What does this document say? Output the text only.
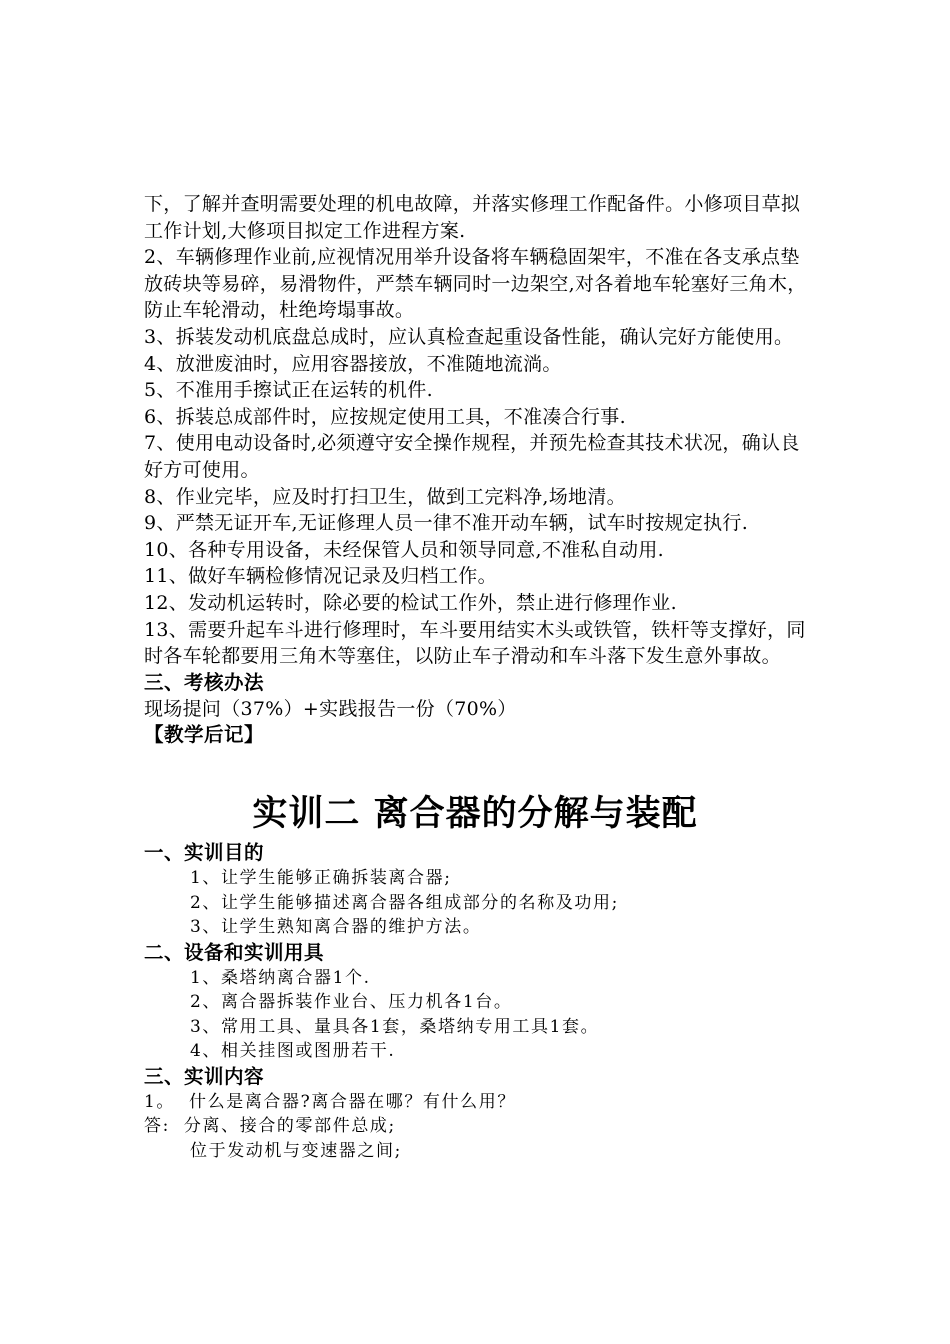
下，了解并查明需要处理的机电故障，并落实修理工作配备件。小修项目草拟工作计划,大修项目拟定工作进程方案.

2、车辆修理作业前,应视情况用举升设备将车辆稳固架牢，不准在各支承点垫放砖块等易碎，易滑物件，严禁车辆同时一边架空,对各着地车轮塞好三角木，防止车轮滑动，杜绝垮塌事故。

3、拆装发动机底盘总成时，应认真检查起重设备性能，确认完好方能使用。

4、放泄废油时，应用容器接放，不准随地流淌。

5、不准用手擦试正在运转的机件.

6、拆装总成部件时，应按规定使用工具，不准凑合行事.

7、使用电动设备时,必须遵守安全操作规程，并预先检查其技术状况，确认良好方可使用。

8、作业完毕，应及时打扫卫生，做到工完料净,场地清。

9、严禁无证开车,无证修理人员一律不准开动车辆，试车时按规定执行.

10、各种专用设备，未经保管人员和领导同意,不准私自动用.

11、做好车辆检修情况记录及归档工作。

12、发动机运转时，除必要的检试工作外，禁止进行修理作业.

13、需要升起车斗进行修理时，车斗要用结实木头或铁管，铁杆等支撑好，同时各车轮都要用三角木等塞住，以防止车子滑动和车斗落下发生意外事故。

三、考核办法

现场提问（37%）+实践报告一份（70%）

【教学后记】

实训二 离合器的分解与装配

一、实训目的

1、让学生能够正确拆装离合器;

2、让学生能够描述离合器各组成部分的名称及功用;

3、让学生熟知离合器的维护方法。

二、设备和实训用具

1、桑塔纳离合器1个.

2、离合器拆装作业台、压力机各1台。

3、常用工具、量具各1套，桑塔纳专用工具1套。

4、相关挂图或图册若干.

三、实训内容

1。  什么是离合器?离合器在哪？有什么用？

答:  分离、接合的零部件总成;

位于发动机与变速器之间;
